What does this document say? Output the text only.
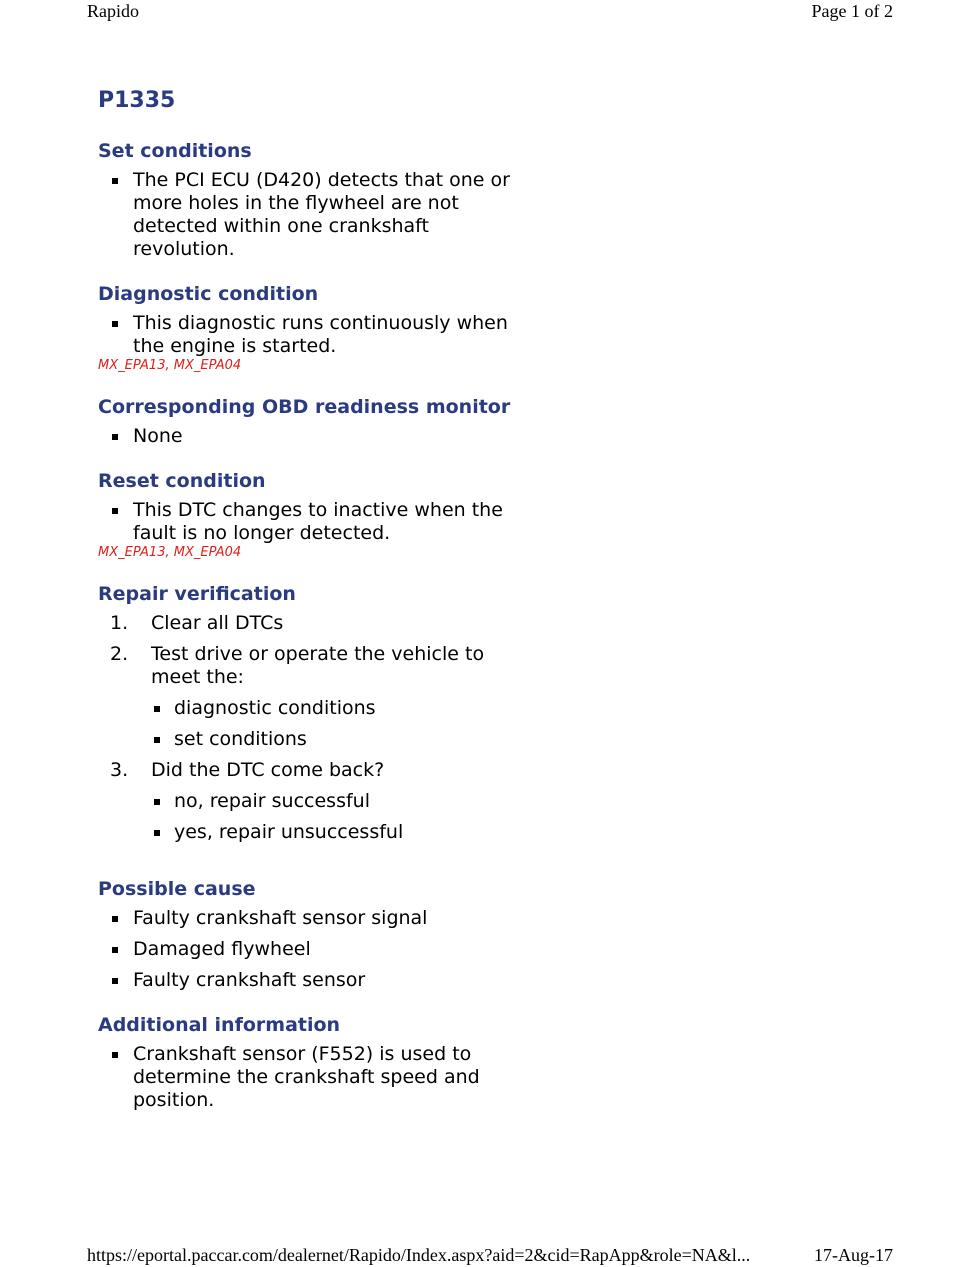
Rapido	Page 1 of 2
P1335
Set conditions
The PCI ECU (D420) detects that one or more holes in the flywheel are not detected within one crankshaft revolution.
Diagnostic condition
This diagnostic runs continuously when the engine is started.
MX_EPA13, MX_EPA04
Corresponding OBD readiness monitor
None
Reset condition
This DTC changes to inactive when the fault is no longer detected.
MX_EPA13, MX_EPA04
Repair verification
1. Clear all DTCs
2. Test drive or operate the vehicle to meet the:
diagnostic conditions
set conditions
3. Did the DTC come back?
no, repair successful
yes, repair unsuccessful
Possible cause
Faulty crankshaft sensor signal
Damaged flywheel
Faulty crankshaft sensor
Additional information
Crankshaft sensor (F552) is used to determine the crankshaft speed and position.
https://eportal.paccar.com/dealernet/Rapido/Index.aspx?aid=2&cid=RapApp&role=NA&l...	17-Aug-17
